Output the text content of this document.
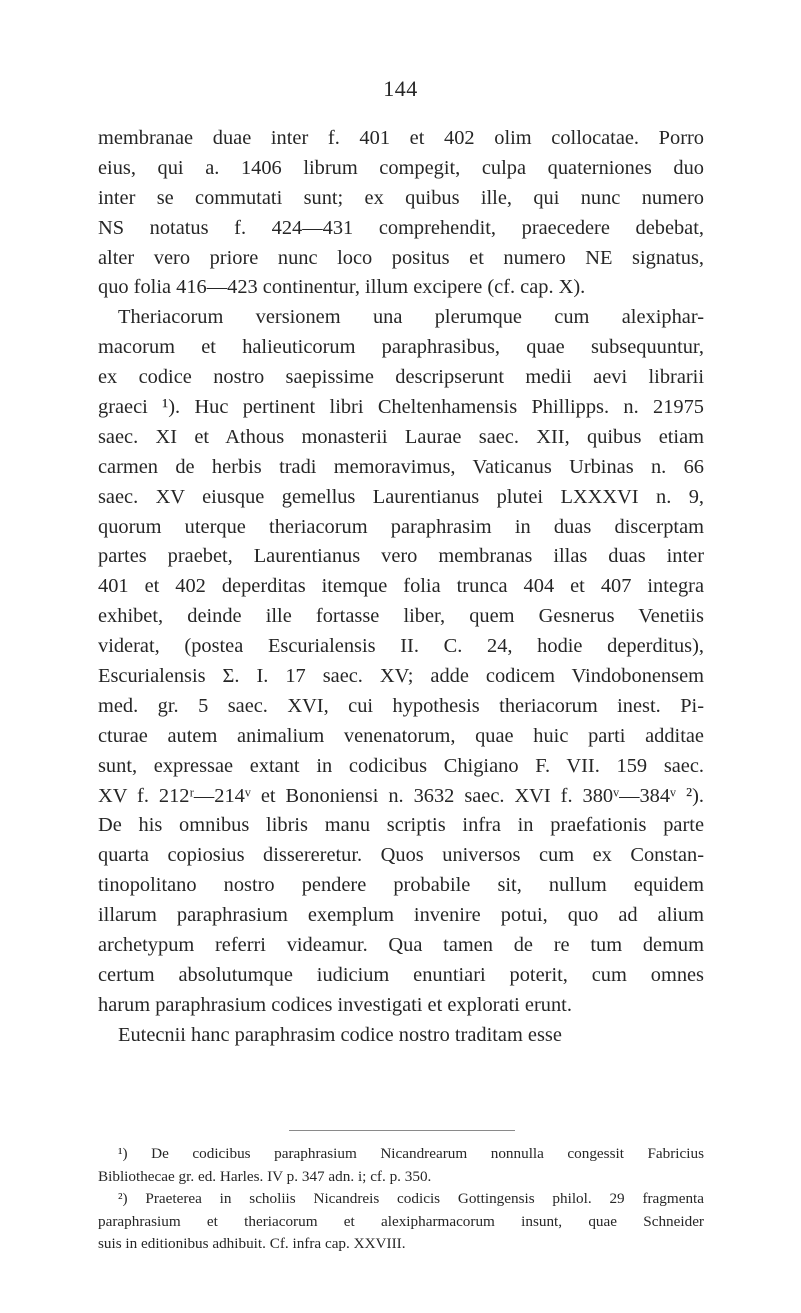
144
membranae duae inter f. 401 et 402 olim collocatae. Porro
eius, qui a. 1406 librum compegit, culpa quaterniones duo
inter se commutati sunt; ex quibus ille, qui nunc numero
NS notatus f. 424—431 comprehendit, praecedere debebat,
alter vero priore nunc loco positus et numero NE signatus,
quo folia 416—423 continentur, illum excipere (cf. cap. X).
Theriacorum versionem una plerumque cum alexiphar-
macorum et halieuticorum paraphrasibus, quae subsequuntur,
ex codice nostro saepissime descripserunt medii aevi librarii
graeci ¹). Huc pertinent libri Cheltenhamensis Phillipps. n. 21975
saec. XI et Athous monasterii Laurae saec. XII, quibus etiam
carmen de herbis tradi memoravimus, Vaticanus Urbinas n. 66
saec. XV eiusque gemellus Laurentianus plutei LXXXVI n. 9,
quorum uterque theriacorum paraphrasim in duas discerptam
partes praebet, Laurentianus vero membranas illas duas inter
401 et 402 deperditas itemque folia trunca 404 et 407 integra
exhibet, deinde ille fortasse liber, quem Gesnerus Venetiis
viderat, (postea Escurialensis II. C. 24, hodie deperditus),
Escurialensis Σ. I. 17 saec. XV; adde codicem Vindobonensem
med. gr. 5 saec. XVI, cui hypothesis theriacorum inest. Pi-
cturae autem animalium venenatorum, quae huic parti additae
sunt, expressae extant in codicibus Chigiano F. VII. 159 saec.
XV f. 212ʳ—214ᵛ et Bononiensi n. 3632 saec. XVI f. 380ᵛ—384ᵛ ²).
De his omnibus libris manu scriptis infra in praefationis parte
quarta copiosius dissereretur. Quos universos cum ex Constan-
tinopolitano nostro pendere probabile sit, nullum equidem
illarum paraphrasium exemplum invenire potui, quo ad alium
archetypum referri videamur. Qua tamen de re tum demum
certum absolutumque iudicium enuntiari poterit, cum omnes
harum paraphrasium codices investigati et explorati erunt.
Eutecnii hanc paraphrasim codice nostro traditam esse
¹) De codicibus paraphrasium Nicandrearum nonnulla congessit Fabricius
Bibliothecae gr. ed. Harles. IV p. 347 adn. i; cf. p. 350.
²) Praeterea in scholiis Nicandreis codicis Gottingensis philol. 29 fragmenta
paraphrasium et theriacorum et alexipharmacorum insunt, quae Schneider
suis in editionibus adhibuit. Cf. infra cap. XXVIII.
